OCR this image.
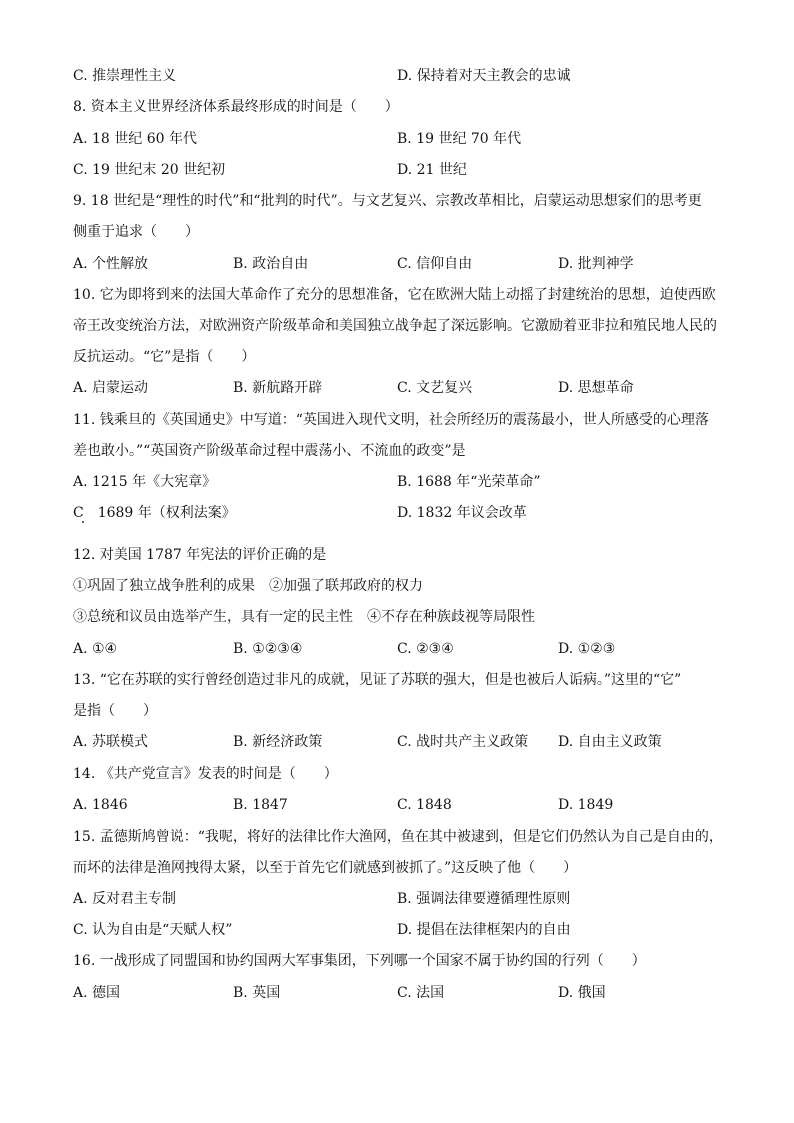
C. 推崇理性主义	D. 保持着对天主教会的忠诚
8. 资本主义世界经济体系最终形成的时间是（　　）
A. 18 世纪 60 年代	B. 19 世纪 70 年代
C. 19 世纪末 20 世纪初	D. 21 世纪
9. 18 世纪是“理性的时代”和“批判的时代”。与文艺复兴、宗教改革相比，启蒙运动思想家们的思考更
侧重于追求（　　）
A. 个性解放	B. 政治自由	C. 信仰自由	D. 批判神学
10. 它为即将到来的法国大革命作了充分的思想准备，它在欧洲大陆上动摇了封建统治的思想，迫使西欧
帝王改变统治方法，对欧洲资产阶级革命和美国独立战争起了深远影响。它激励着亚非拉和殖民地人民的
反抗运动。“它”是指（　　）
A. 启蒙运动	B. 新航路开辟	C. 文艺复兴	D. 思想革命
11. 钱乘旦的《英国通史》中写道：“英国进入现代文明，社会所经历的震荡最小，世人所感受的心理落
差也敢小。”“英国资产阶级革命过程中震荡小、不流血的政变”是
A. 1215 年《大宪章》	B. 1688 年“光荣革命”
C　1689 年（权利法案》	D. 1832 年议会改革
12. 对美国 1787 年宪法的评价正确的是
①巩固了独立战争胜利的成果　②加强了联邦政府的权力
③总统和议员由选举产生，具有一定的民主性　④不存在种族歧视等局限性
A. ①④	B. ①②③④	C. ②③④	D. ①②③
13. “它在苏联的实行曾经创造过非凡的成就，见证了苏联的强大，但是也被后人诟病。”这里的“它”
是指（　　）
A. 苏联模式	B. 新经济政策	C. 战时共产主义政策 D. 自由主义政策
14. 《共产党宣言》发表的时间是（　　）
A. 1846	B. 1847	C. 1848	D. 1849
15. 孟德斯鸠曾说：“我呢，将好的法律比作大渔网，鱼在其中被逮到，但是它们仍然认为自己是自由的，
而坏的法律是渔网拽得太紧，以至于首先它们就感到被抓了。”这反映了他（　　）
A. 反对君主专制	B. 强调法律要遵循理性原则
C. 认为自由是“天赋人权”	D. 提倡在法律框架内的自由
16. 一战形成了同盟国和协约国两大军事集团，下列哪一个国家不属于协约国的行列（　　）
A. 德国	B. 英国	C. 法国	D. 俄国
